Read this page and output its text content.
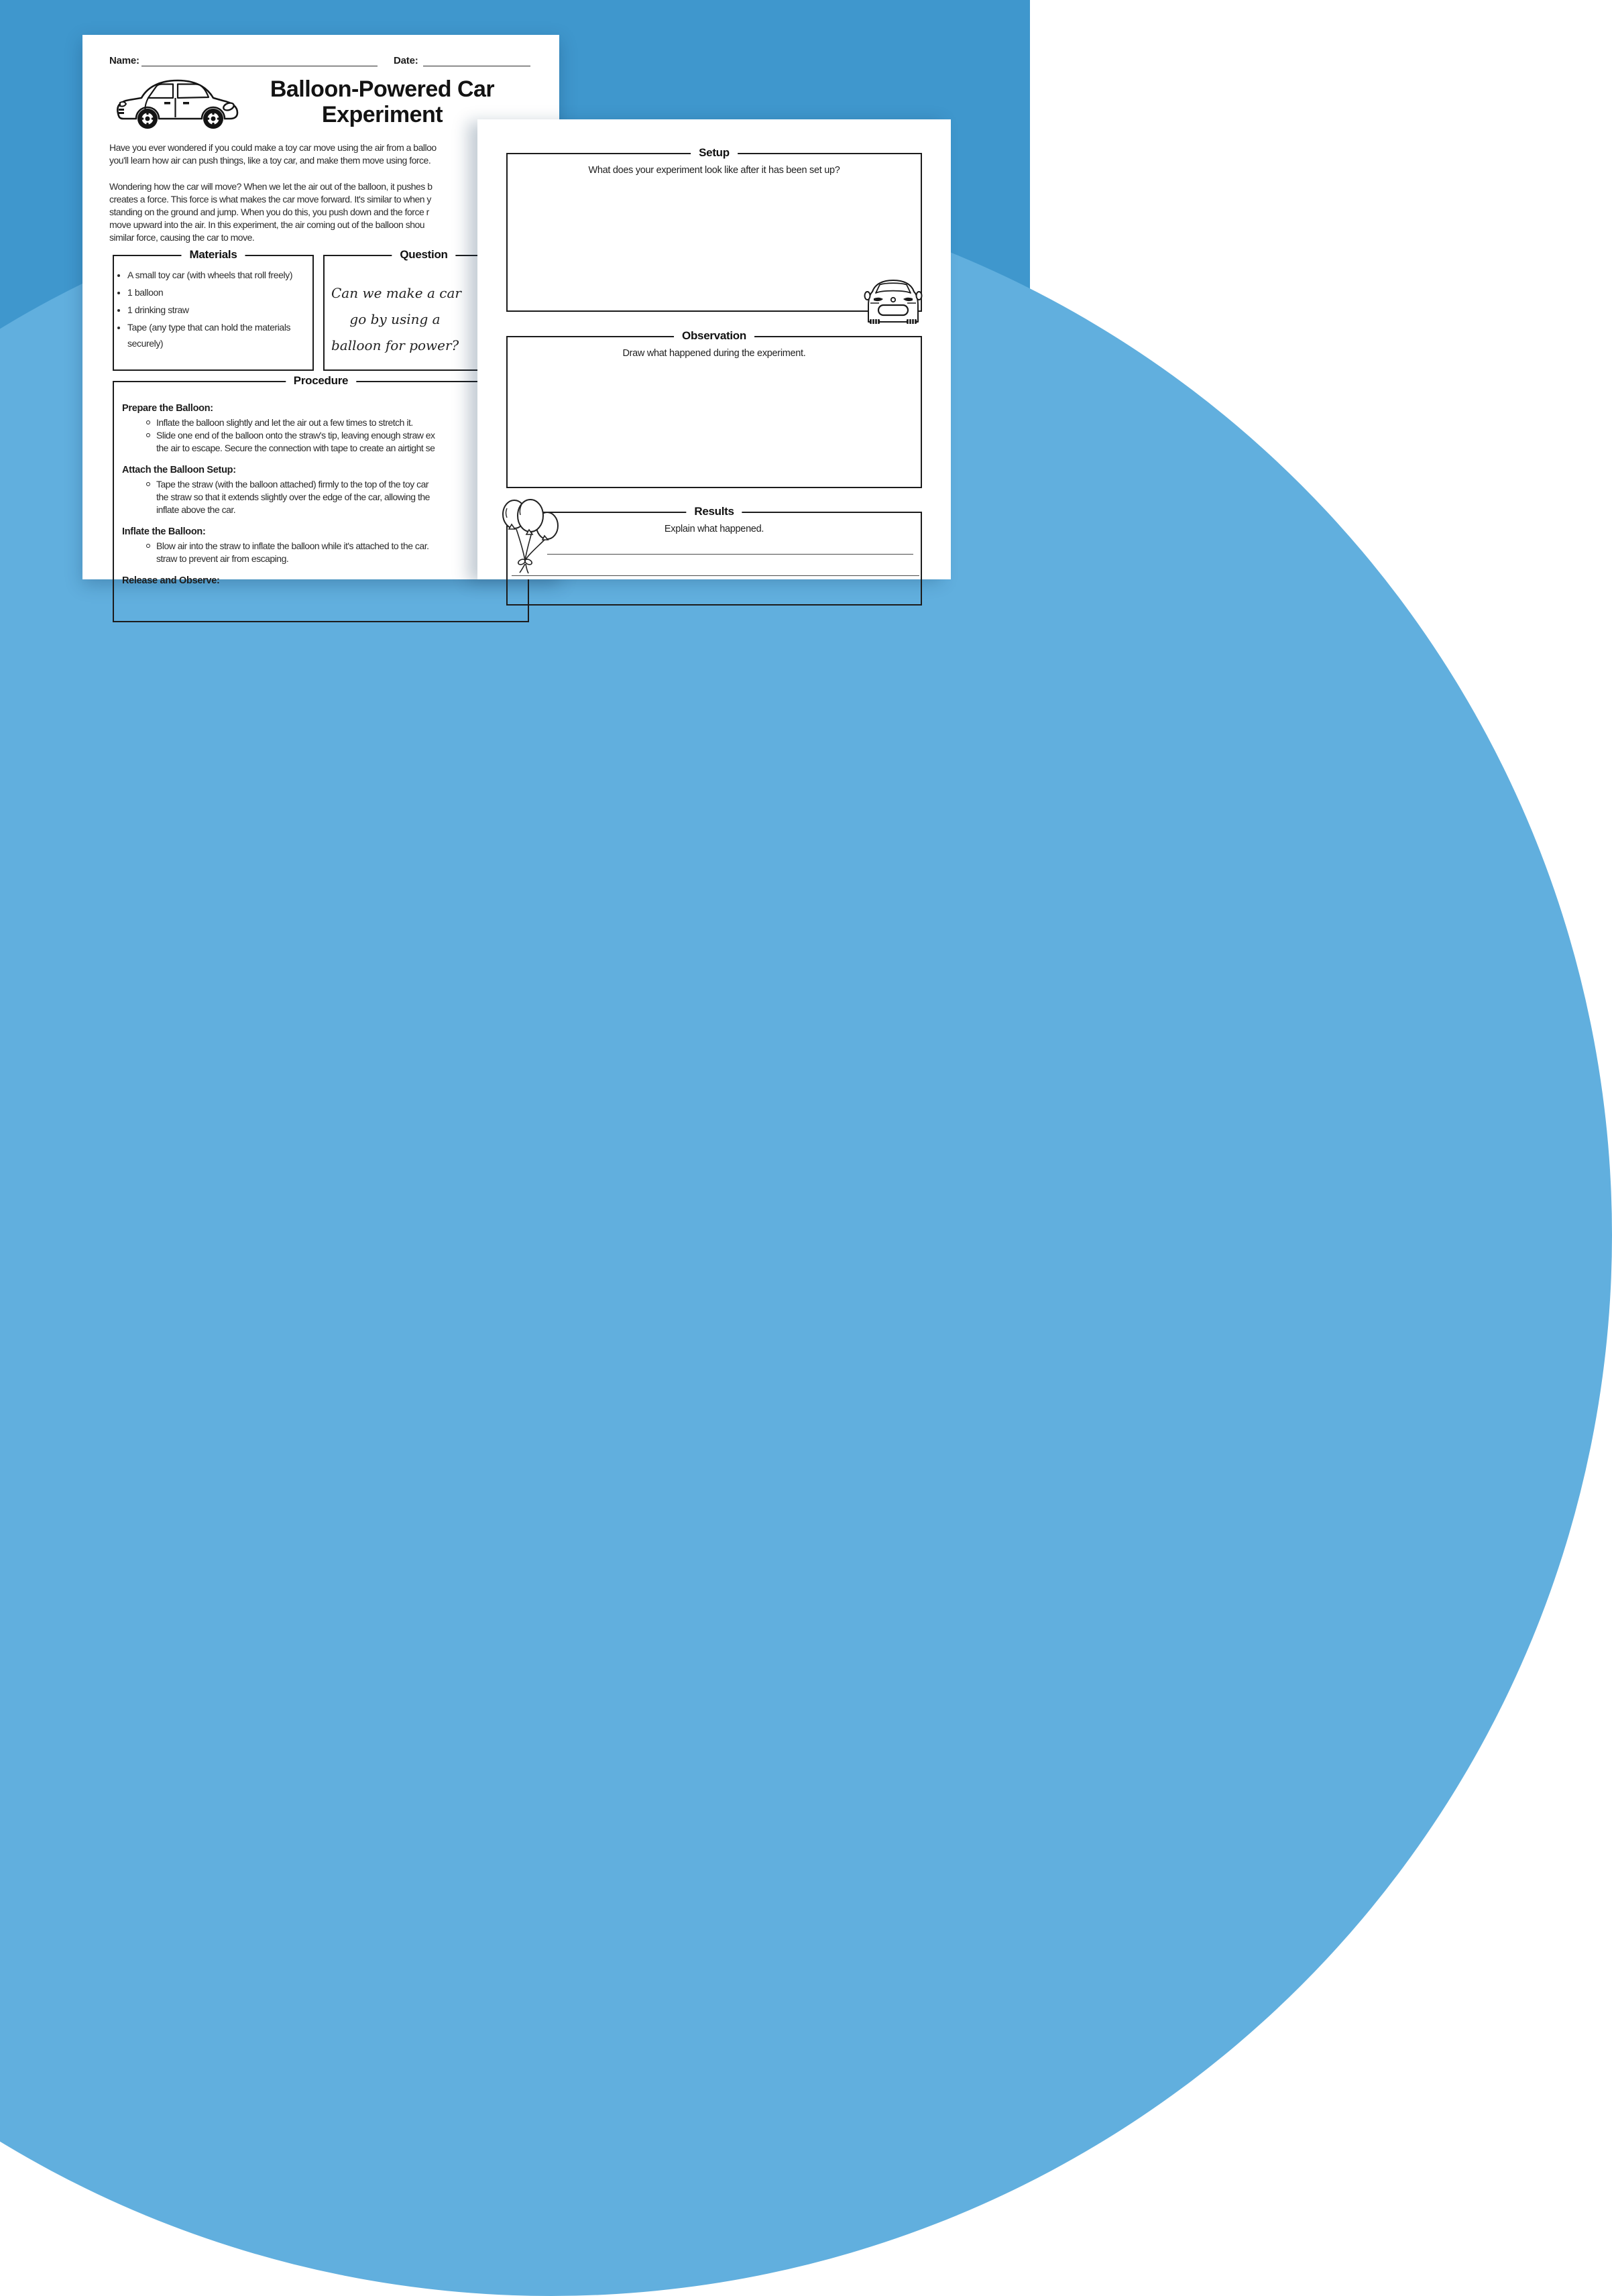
Name:	Date:
Balloon-Powered Car
Experiment
Have you ever wondered if you could make a toy car move using the air from a balloo
you'll learn how air can push things, like a toy car, and make them move using force.
Wondering how the car will move? When we let the air out of the balloon, it pushes b
creates a force. This force is what makes the car move forward. It's similar to when y
standing on the ground and jump. When you do this, you push down and the force r
move upward into the air. In this experiment, the air coming out of the balloon shou
similar force, causing the car to move.
Materials
• A small toy car (with wheels that roll freely)
• 1 balloon
• 1 drinking straw
• Tape (any type that can hold the materials securely)
Question
Can we make a car
go by using a
balloon for power?
Procedure
Prepare the Balloon:
Inflate the balloon slightly and let the air out a few times to stretch it.
Slide one end of the balloon onto the straw's tip, leaving enough straw ex
the air to escape. Secure the connection with tape to create an airtight se
Attach the Balloon Setup:
Tape the straw (with the balloon attached) firmly to the top of the toy car
the straw so that it extends slightly over the edge of the car, allowing the
inflate above the car.
Inflate the Balloon:
Blow air into the straw to inflate the balloon while it's attached to the car.
straw to prevent air from escaping.
Release and Observe:
Setup
What does your experiment look like after it has been set up?
Observation
Draw what happened during the experiment.
Results
Explain what happened.
